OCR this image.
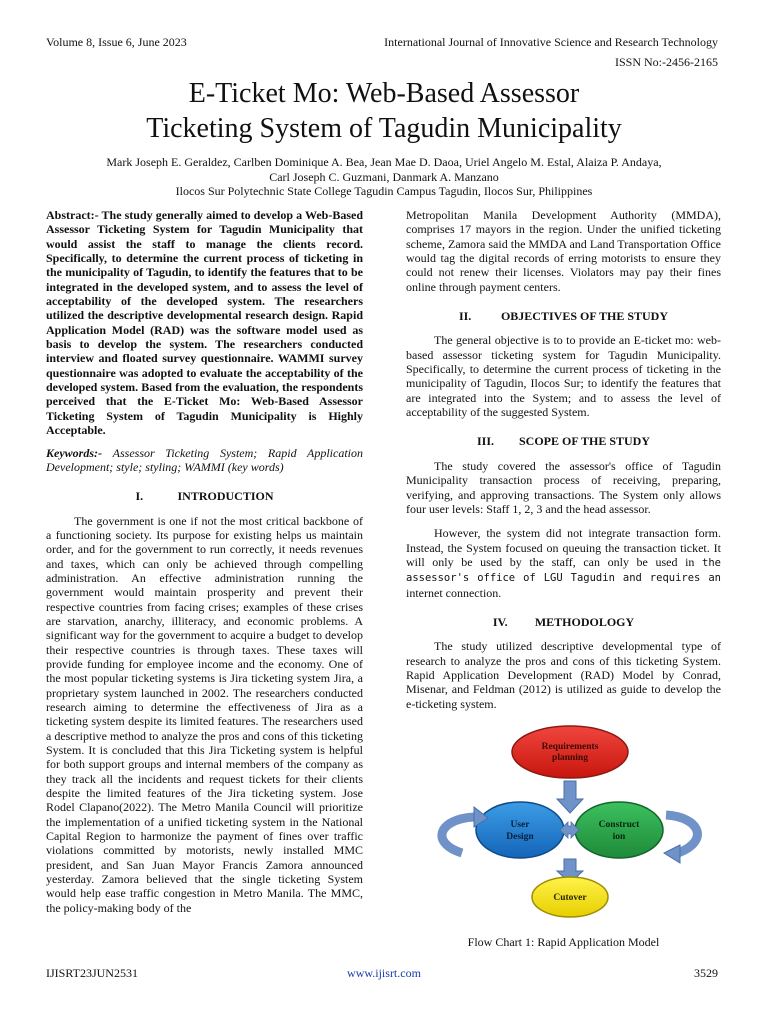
Volume 8, Issue 6, June 2023	International Journal of Innovative Science and Research Technology
ISSN No:-2456-2165
E-Ticket Mo: Web-Based Assessor
Ticketing System of Tagudin Municipality
Mark Joseph E. Geraldez, Carlben Dominique A. Bea, Jean Mae D. Daoa, Uriel Angelo M. Estal, Alaiza P. Andaya,
Carl Joseph C. Guzmani, Danmark A. Manzano
Ilocos Sur Polytechnic State College Tagudin Campus Tagudin, Ilocos Sur, Philippines

Abstract:- The study generally aimed to develop a Web-Based Assessor Ticketing System for Tagudin Municipality that would assist the staff to manage the clients record. Specifically, to determine the current process of ticketing in the municipality of Tagudin, to identify the features that to be integrated in the developed system, and to assess the level of acceptability of the developed system. The researchers utilized the descriptive developmental research design. Rapid Application Model (RAD) was the software model used as basis to develop the system. The researchers conducted interview and floated survey questionnaire. WAMMI survey questionnaire was adopted to evaluate the acceptability of the developed system. Based from the evaluation, the respondents perceived that the E-Ticket Mo: Web-Based Assessor Ticketing System of Tagudin Municipality is Highly Acceptable.

Keywords:- Assessor Ticketing System; Rapid Application Development; style; styling; WAMMI (key words)

I.	INTRODUCTION

The government is one if not the most critical backbone of a functioning society. Its purpose for existing helps us maintain order, and for the government to run correctly, it needs revenues and taxes, which can only be achieved through compelling administration. An effective administration running the government would maintain prosperity and prevent their respective countries from facing crises; examples of these crises are starvation, anarchy, illiteracy, and economic problems. A significant way for the government to acquire a budget to develop their respective countries is through taxes. These taxes will provide funding for employee income and the economy. One of the most popular ticketing systems is Jira ticketing system Jira, a proprietary system launched in 2002. The researchers conducted research aiming to determine the effectiveness of Jira as a ticketing system despite its limited features. The researchers used a descriptive method to analyze the pros and cons of this ticketing System. It is concluded that this Jira Ticketing system is helpful for both support groups and internal members of the company as they track all the incidents and request tickets for their clients despite the limited features of the Jira ticketing system. Jose Rodel Clapano(2022). The Metro Manila Council will prioritize the implementation of a unified ticketing system in the National Capital Region to harmonize the payment of fines over traffic violations committed by motorists, newly installed MMC president, and San Juan Mayor Francis Zamora announced yesterday. Zamora believed that the single ticketing System would help ease traffic congestion in Metro Manila. The MMC, the policy-making body of the

Metropolitan Manila Development Authority (MMDA), comprises 17 mayors in the region. Under the unified ticketing scheme, Zamora said the MMDA and Land Transportation Office would tag the digital records of erring motorists to ensure they could not renew their licenses. Violators may pay their fines online through payment centers.

II.	OBJECTIVES OF THE STUDY

The general objective is to to provide an E-ticket mo: web-based assessor ticketing system for Tagudin Municipality. Specifically, to determine the current process of ticketing in the municipality of Tagudin, Ilocos Sur; to identify the features that are integrated into the System; and to assess the level of acceptability of the suggested System.

III.	SCOPE OF THE STUDY

The study covered the assessor's office of Tagudin Municipality transaction process of receiving, preparing, verifying, and approving transactions. The System only allows four user levels: Staff 1, 2, 3 and the head assessor.

However, the system did not integrate transaction form. Instead, the System focused on queuing the transaction ticket. It will only be used by the staff, can only be used in the assessor's office of LGU Tagudin and requires an internet connection.

IV.	METHODOLOGY

The study utilized descriptive developmental type of research to analyze the pros and cons of this ticketing System. Rapid Application Development (RAD) Model by Conrad, Misenar, and Feldman (2012) is utilized as guide to develop the e-ticketing system.

Requirements
planning
User
Design
Construct
ion
Cutover
Flow Chart 1: Rapid Application Model
IJISRT23JUN2531	www.ijisrt.com	3529
